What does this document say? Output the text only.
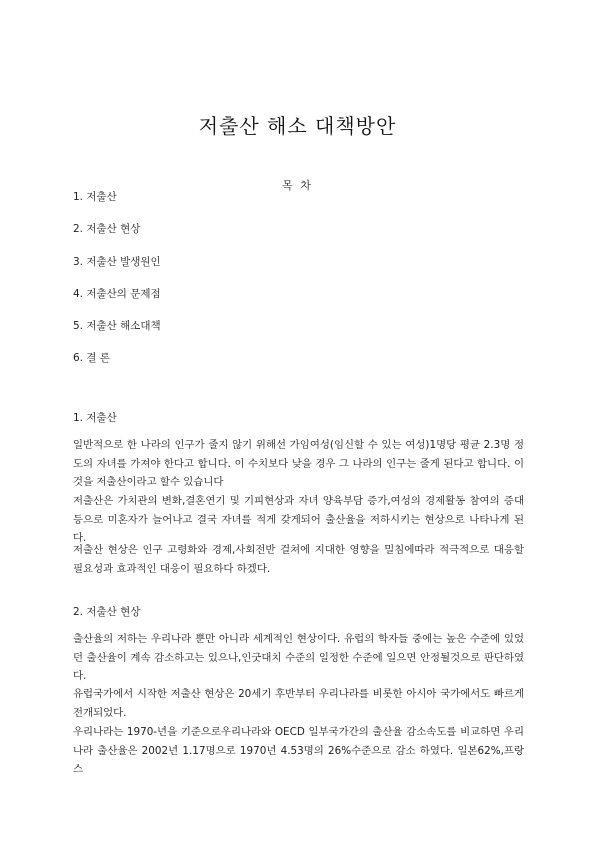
저출산 해소 대책방안
목 차
1. 저출산
2. 저출산 현상
3. 저출산 발생원인
4. 저출산의 문제점
5. 저출산 해소대책
6. 결 론
1. 저출산

일반적으로 한 나라의 인구가 줄지 않기 위해선 가임여성(임신할 수 있는 여성)1명당 평균 2.3명 정도의 자녀를 가져야 한다고 합니다. 이 수치보다 낮을 경우 그 나라의 인구는 줄게 된다고 합니다. 이것을 저출산이라고 할수 있습니다

저출산은 가치관의 변화,결혼연기 및 기피현상과 자녀 양육부담 증가,여성의 경제활동 참여의 증대등으로 미혼자가 늘어나고 결국 자녀를 적게 갖게되어 출산율을 저하시키는 현상으로 나타나게 된다.

저출산 현상은 인구 고령화와 경제,사회전반 걸쳐에 지대한 영향을 밀침에따라 적극적으로 대응할 필요성과 효과적인 대응이 필요하다 하겠다.

2. 저출산 현상

출산율의 저하는 우리나라 뿐만 아니라 세계적인 현상이다. 유럽의 학자들 중에는 높은 수준에 있었던 출산율이 계속 감소하고는 있으나,인굿대치 수준의 일정한 수준에 일으면 안정될것으로 판단하였다.

유럽국가에서 시작한 저출산 현상은 20세기 후반부터 우리나라를 비롯한 아시아 국가에서도 빠르게 전개되었다.

우리나라는 1970-년을 기준으로우리나라와 OECD 일부국가간의 출산율 감소속도를 비교하면 우리나라 출산율은 2002년 1.17명으로 1970년 4.53명의 26%수준으로 감소 하였다. 일본62%,프랑스
